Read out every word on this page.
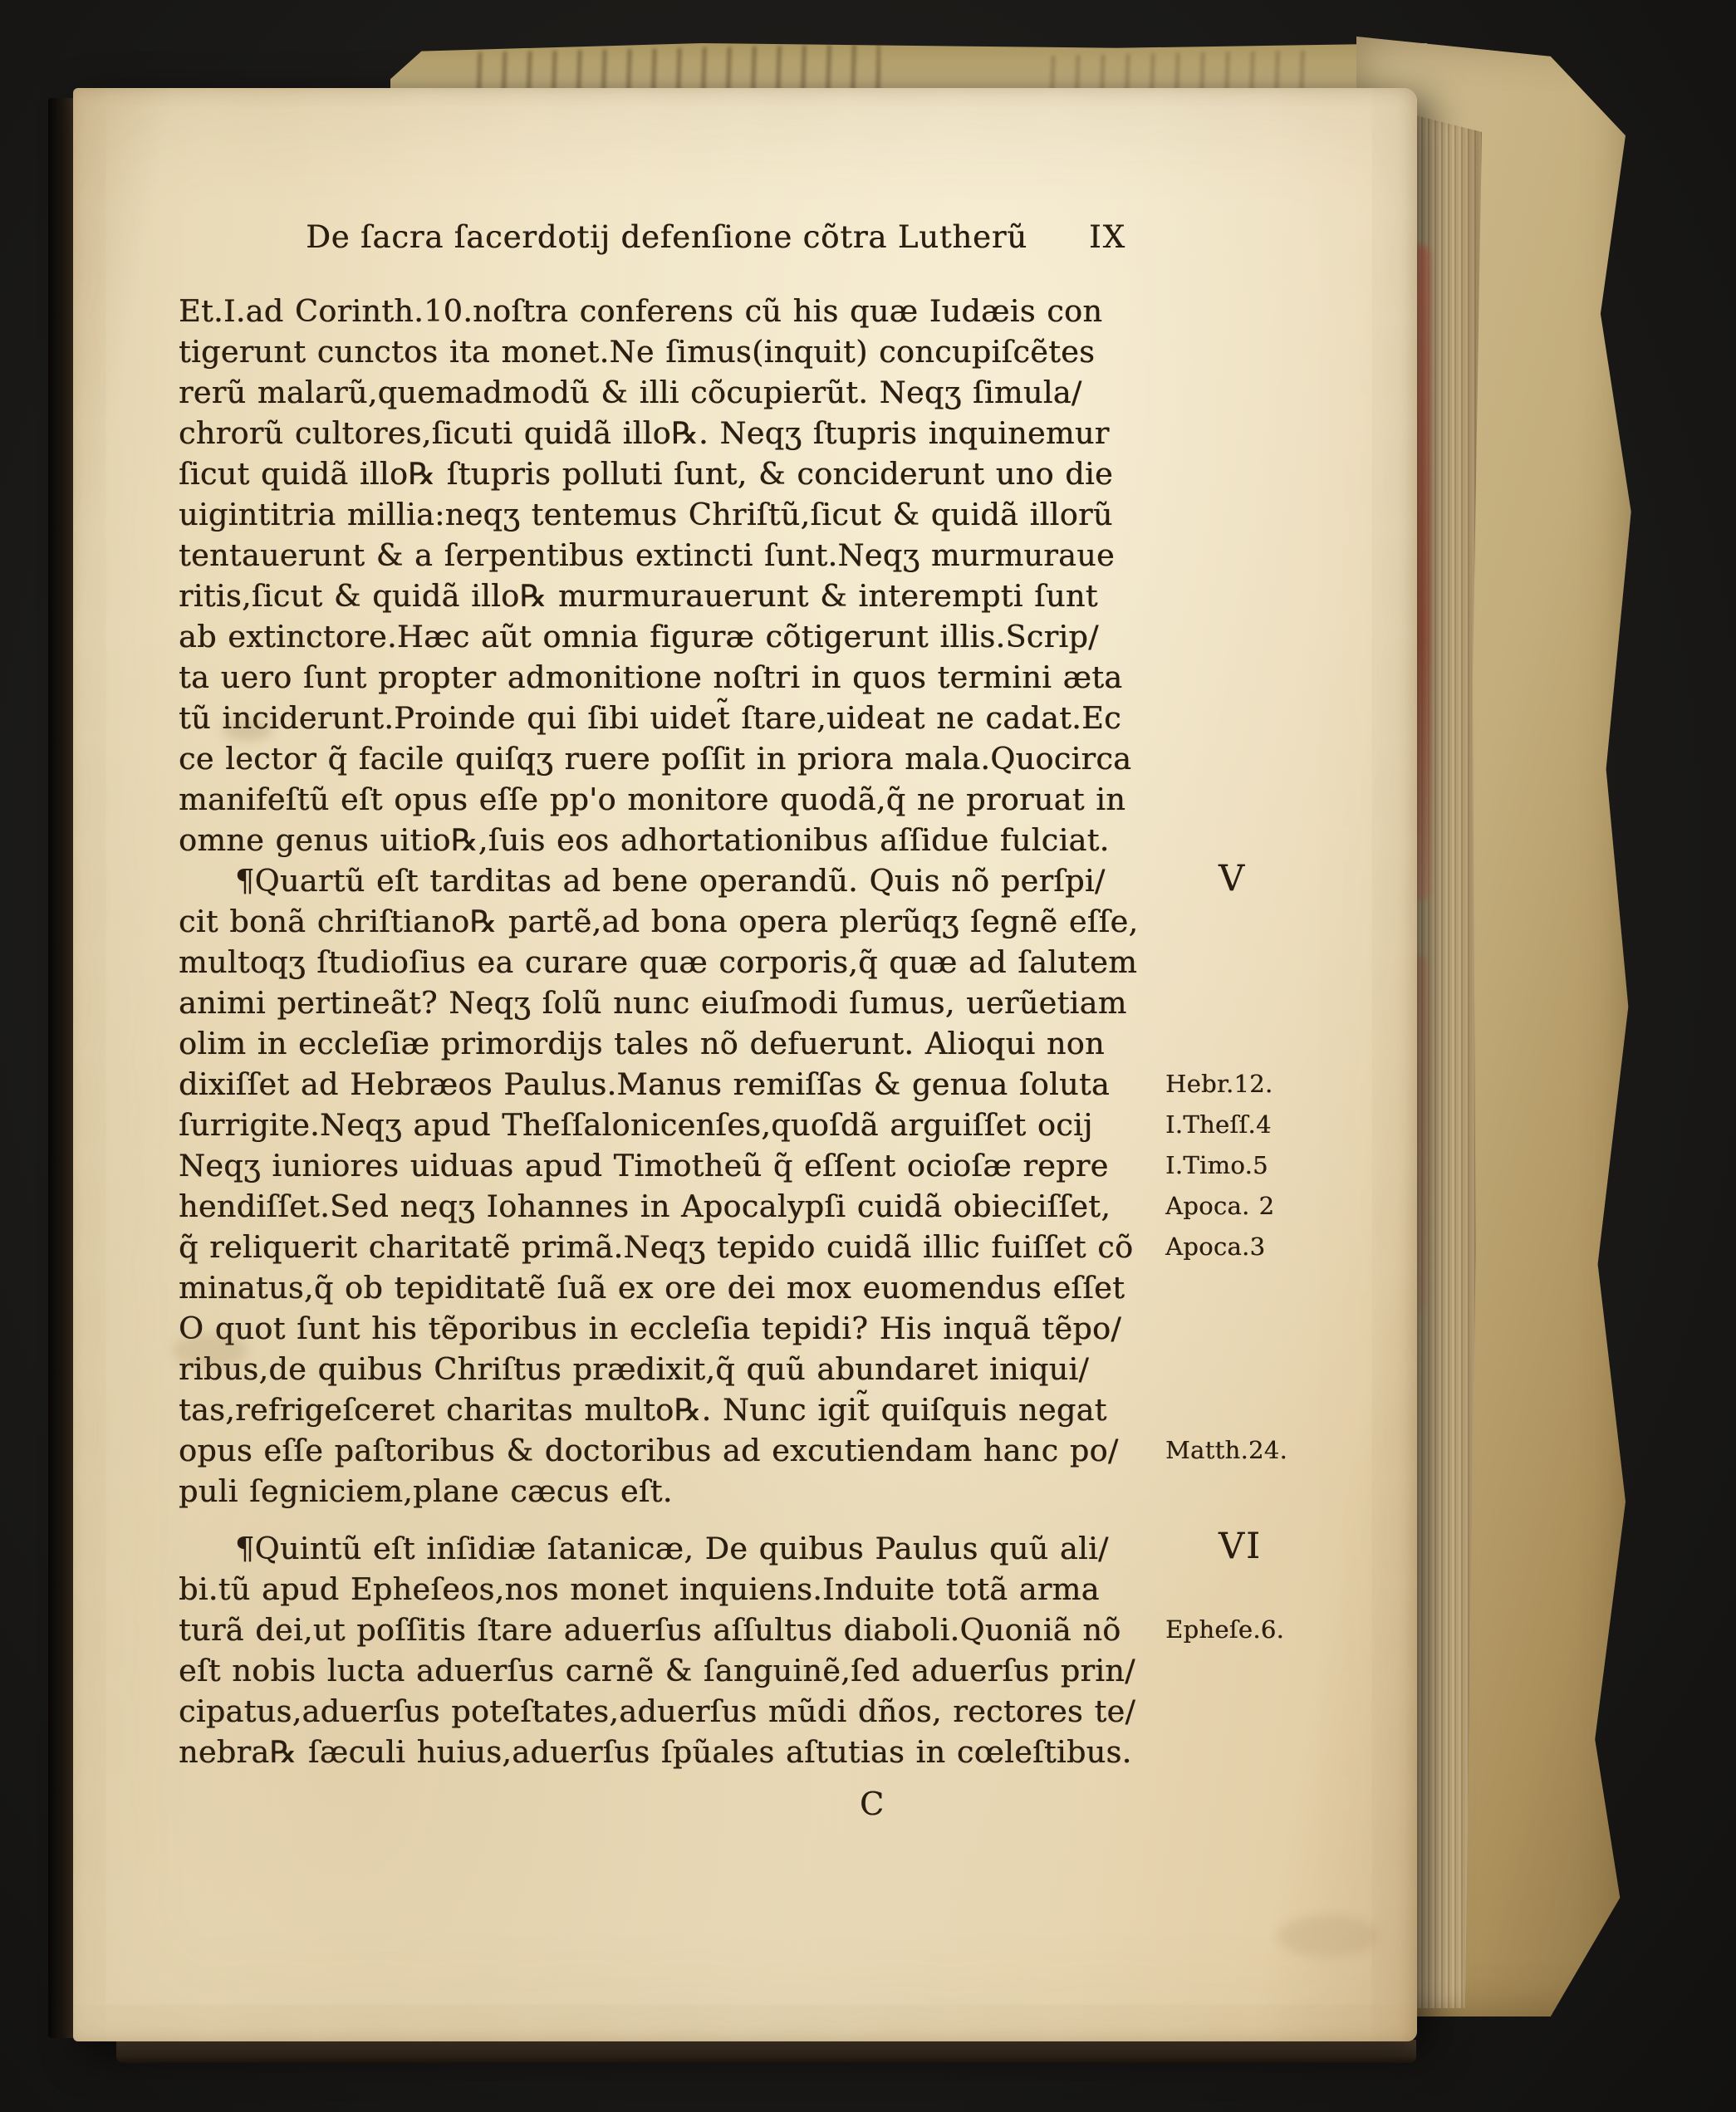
De ſacra ſacerdotij defenſione cõtra Lutherũ IX
Et.I.ad Corinth.10.noſtra conferens cũ his quæ Iudæis con
tigerunt cunctos ita monet.Ne ſimus(inquit) concupiſcẽtes
rerũ malarũ,quemadmodũ & illi cõcupierũt. Neqʒ ſimula/
chrorũ cultores,ſicuti quidã illo℞. Neqʒ ſtupris inquinemur
ſicut quidã illo℞ ſtupris polluti ſunt, & conciderunt uno die
uigintitria millia:neqʒ tentemus Chriſtũ,ſicut & quidã illorũ
tentauerunt & a ſerpentibus extincti ſunt.Neqʒ murmuraue
ritis,ſicut & quidã illo℞ murmurauerunt & interempti ſunt
ab extinctore.Hæc aũt omnia figuræ cõtigerunt illis.Scrip/
ta uero ſunt propter admonitione noſtri in quos termini æta
tũ inciderunt.Proinde qui ſibi uidet̃ ſtare,uideat ne cadat.Ec
ce lector q̃ facile quiſqʒ ruere poſſit in priora mala.Quocirca
manifeſtũ eſt opus eſſe pp'o monitore quodã,q̃ ne proruat in
omne genus uitio℞,ſuis eos adhortationibus aſſidue fulciat.
¶Quartũ eſt tarditas ad bene operandũ. Quis nõ perſpi/	V
cit bonã chriſtiano℞ partẽ,ad bona opera plerũqʒ ſegnẽ eſſe,
multoqʒ ſtudioſius ea curare quæ corporis,q̃ quæ ad ſalutem
animi pertineãt? Neqʒ ſolũ nunc eiuſmodi ſumus, uerũetiam
olim in eccleſiæ primordijs tales nõ defuerunt. Alioqui non
dixiſſet ad Hebræos Paulus.Manus remiſſas & genua ſoluta Hebr.12.
ſurrigite.Neqʒ apud Theſſalonicenſes,quoſdã arguiſſet ocij	I.Theſſ.4
Neqʒ iuniores uiduas apud Timotheũ q̃ eſſent ocioſæ repre I.Timo.5
hendiſſet.Sed neqʒ Iohannes in Apocalypſi cuidã obieciſſet, Apoca. 2
q̃ reliquerit charitatẽ primã.Neqʒ tepido cuidã illic fuiſſet cõ Apoca.3
minatus,q̃ ob tepiditatẽ ſuã ex ore dei mox euomendus eſſet
O quot ſunt his tẽporibus in eccleſia tepidi? His inquã tẽpo/
ribus,de quibus Chriſtus prædixit,q̃ quũ abundaret iniqui/
tas,refrigeſceret charitas multo℞. Nunc igit̃ quiſquis negat
opus eſſe paſtoribus & doctoribus ad excutiendam hanc po/ Matth.24.
puli ſegniciem,plane cæcus eſt.
¶Quintũ eſt inſidiæ ſatanicæ, De quibus Paulus quũ ali/	VI
bi.tũ apud Epheſeos,nos monet inquiens.Induite totã arma
turã dei,ut poſſitis ſtare aduerſus aſſultus diaboli.Quoniã nõ Epheſe.6.
eſt nobis lucta aduerſus carnẽ & ſanguinẽ,ſed aduerſus prin/
cipatus,aduerſus poteſtates,aduerſus mũdi dños, rectores te/
nebra℞ ſæculi huius,aduerſus ſpũales aſtutias in cœleſtibus.
C
